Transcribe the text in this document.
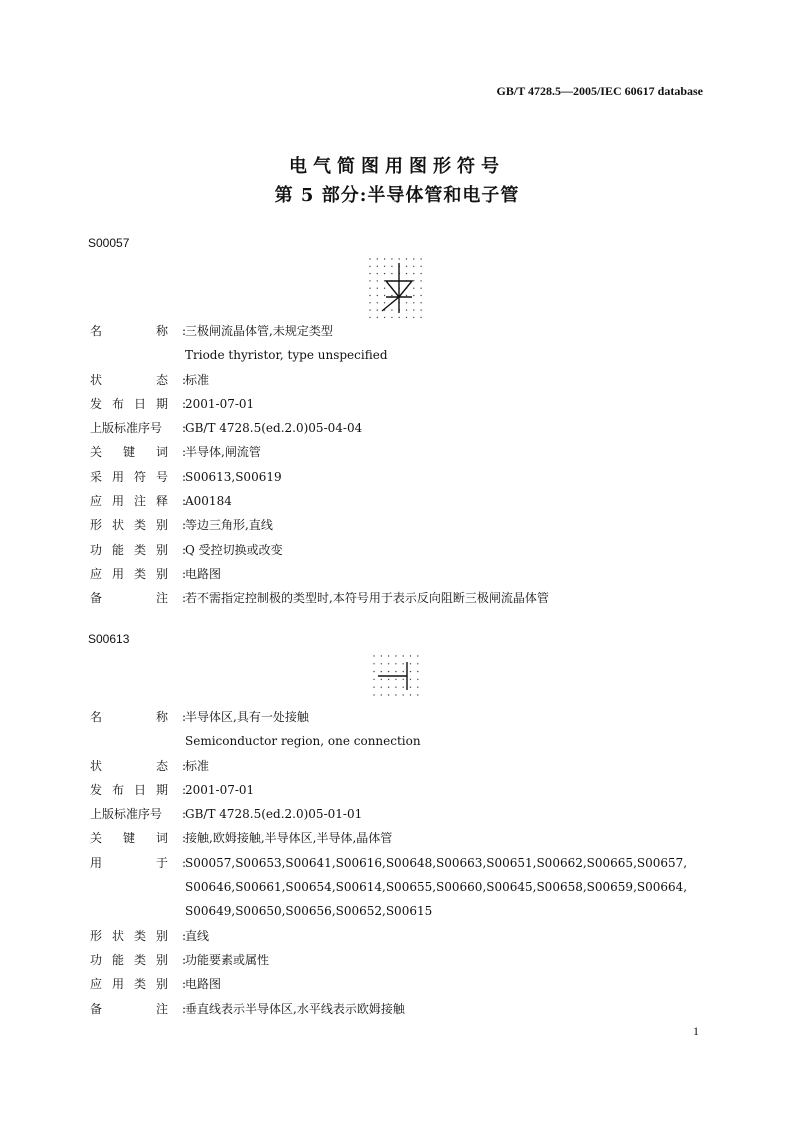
GB/T 4728.5—2005/IEC 60617 database
电气简图用图形符号
第 5 部分:半导体管和电子管
S00057
:
名	称 三极闸流晶体管,未规定类型
Triode thyristor, type unspecified
:
状	态 标准
:
发 布 日 期 2001-07-01
:
上版标准序号 GB/T 4728.5(ed.2.0)05-04-04
:
关 键 词 半导体,闸流管
:
采 用 符 号 S00613,S00619
:
应 用 注 释 A00184
:
形 状 类 别 等边三角形,直线
:
功 能 类 别 Q 受控切换或改变
:
应 用 类 别 电路图
:
备	注 若不需指定控制极的类型时,本符号用于表示反向阻断三极闸流晶体管
S00613
:
名	称 半导体区,具有一处接触
Semiconductor region, one connection
:
状	态 标准
:
发 布 日 期 2001-07-01
:
上版标准序号 GB/T 4728.5(ed.2.0)05-01-01
:
关 键 词 接触,欧姆接触,半导体区,半导体,晶体管
:
用	于 S00057,S00653,S00641,S00616,S00648,S00663,S00651,S00662,S00665,S00657,
S00646,S00661,S00654,S00614,S00655,S00660,S00645,S00658,S00659,S00664,
S00649,S00650,S00656,S00652,S00615
:
形 状 类 别 直线
:
功 能 类 别 功能要素或属性
:
应 用 类 别 电路图
:
备	注 垂直线表示半导体区,水平线表示欧姆接触
1
